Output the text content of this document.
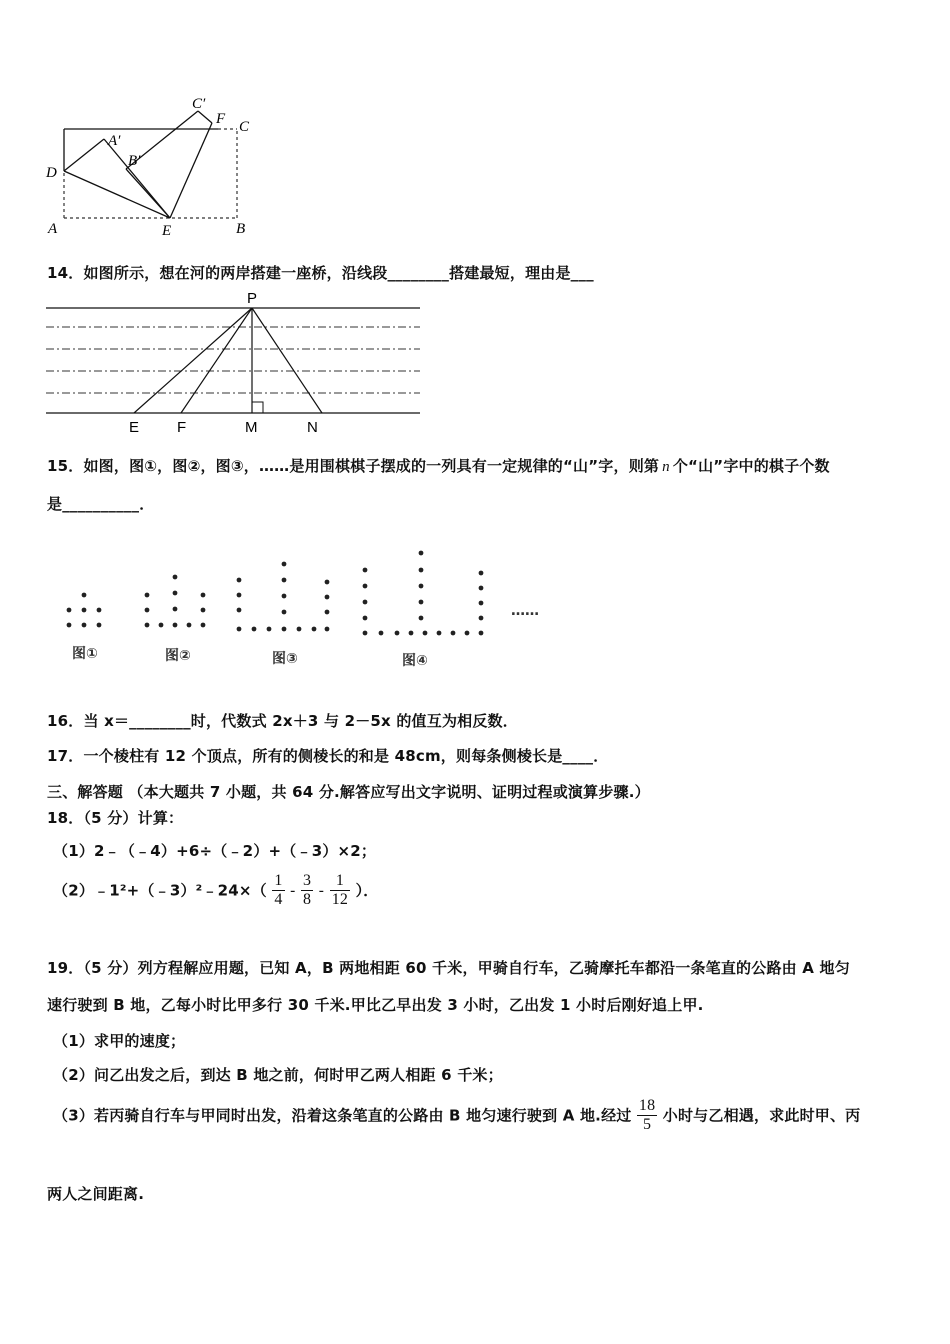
C′
F C
A′
B′
D
A	E	B
14．如图所示，想在河的两岸搭建一座桥，沿线段________搭建最短，理由是___
P
E	F	M	N
15．如图，图①，图②，图③，……是用围棋棋子摆成的一列具有一定规律的“山”字，则第 n 个“山”字中的棋子个数
是__________．
……
图①	图②	图③	图④
16．当 x＝________时，代数式 2x＋3 与 2－5x 的值互为相反数．
17．一个棱柱有 12 个顶点，所有的侧棱长的和是 48cm，则每条侧棱长是____．
三、解答题 （本大题共 7 小题，共 64 分.解答应写出文字说明、证明过程或演算步骤.）
18．（5 分）计算：
（1）2﹣（﹣4）+6÷（﹣2）+（﹣3）×2；
（2）﹣1²+（﹣3）²﹣24×（ $\frac{1}{4} - \frac{3}{8} - \frac{1}{12}$ ）．
19．（5 分）列方程解应用题，已知 A，B 两地相距 60 千米，甲骑自行车，乙骑摩托车都沿一条笔直的公路由 A 地匀
速行驶到 B 地，乙每小时比甲多行 30 千米.甲比乙早出发 3 小时，乙出发 1 小时后刚好追上甲.
（1）求甲的速度；
（2）问乙出发之后，到达 B 地之前，何时甲乙两人相距 6 千米；
（3）若丙骑自行车与甲同时出发，沿着这条笔直的公路由 B 地匀速行驶到 A 地.经过 $\frac{18}{5}$ 小时与乙相遇，求此时甲、丙
两人之间距离.
